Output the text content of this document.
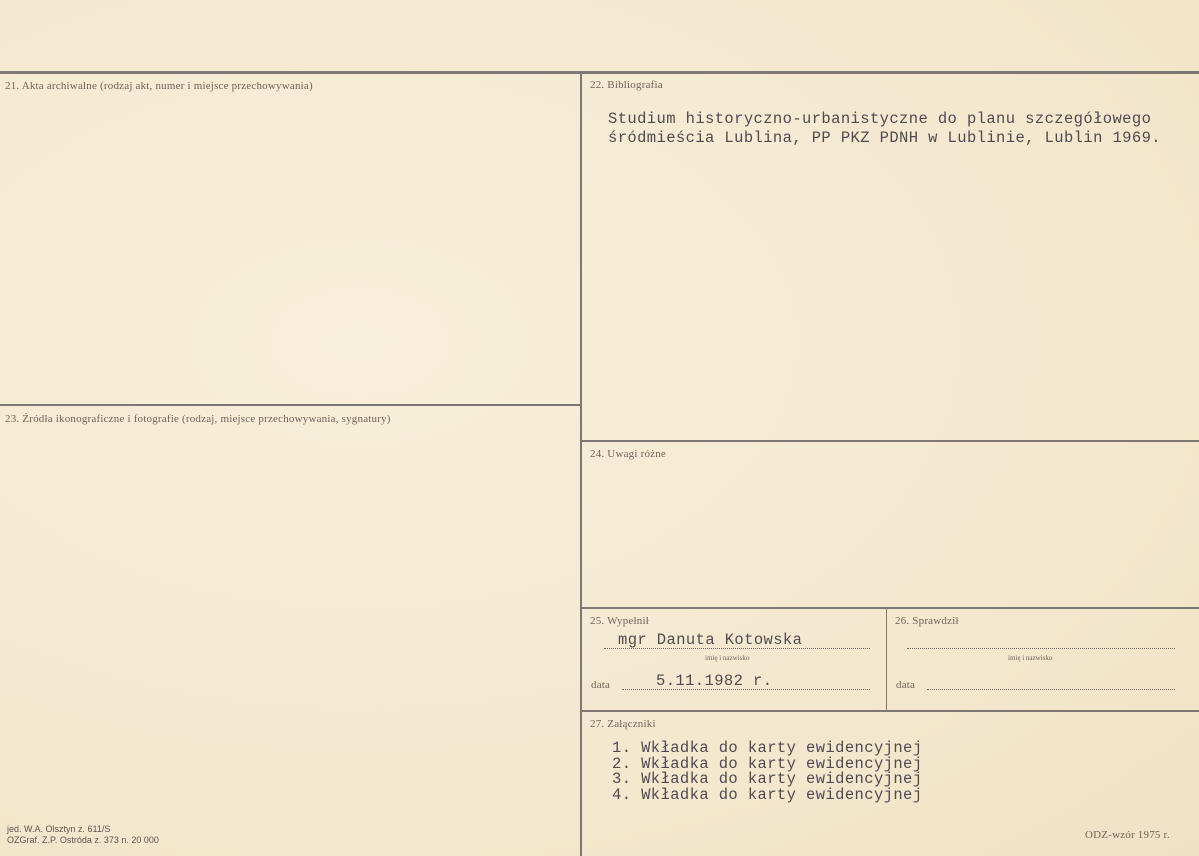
21. Akta archiwalne (rodzaj akt, numer i miejsce przechowywania)	22. Bibliografia
Studium historyczno-urbanistyczne do planu szczegółowego
śródmieścia Lublina, PP PKZ PDNH w Lublinie, Lublin 1969.
23. Źródła ikonograficzne i fotografie (rodzaj, miejsce przechowywania, sygnatury)
24. Uwagi różne
25. Wypełnił
mgr Danuta Kotowska
imię i nazwisko
data	5.11.1982 r.
26. Sprawdził
imię i nazwisko
data
27. Załączniki
1. Wkładka do karty ewidencyjnej
2. Wkładka do karty ewidencyjnej
3. Wkładka do karty ewidencyjnej
4. Wkładka do karty ewidencyjnej
jed. W.A. Olsztyn z. 611/S
OZGraf. Z.P. Ostróda z. 373 n. 20 000	ODZ-wzór 1975 r.
